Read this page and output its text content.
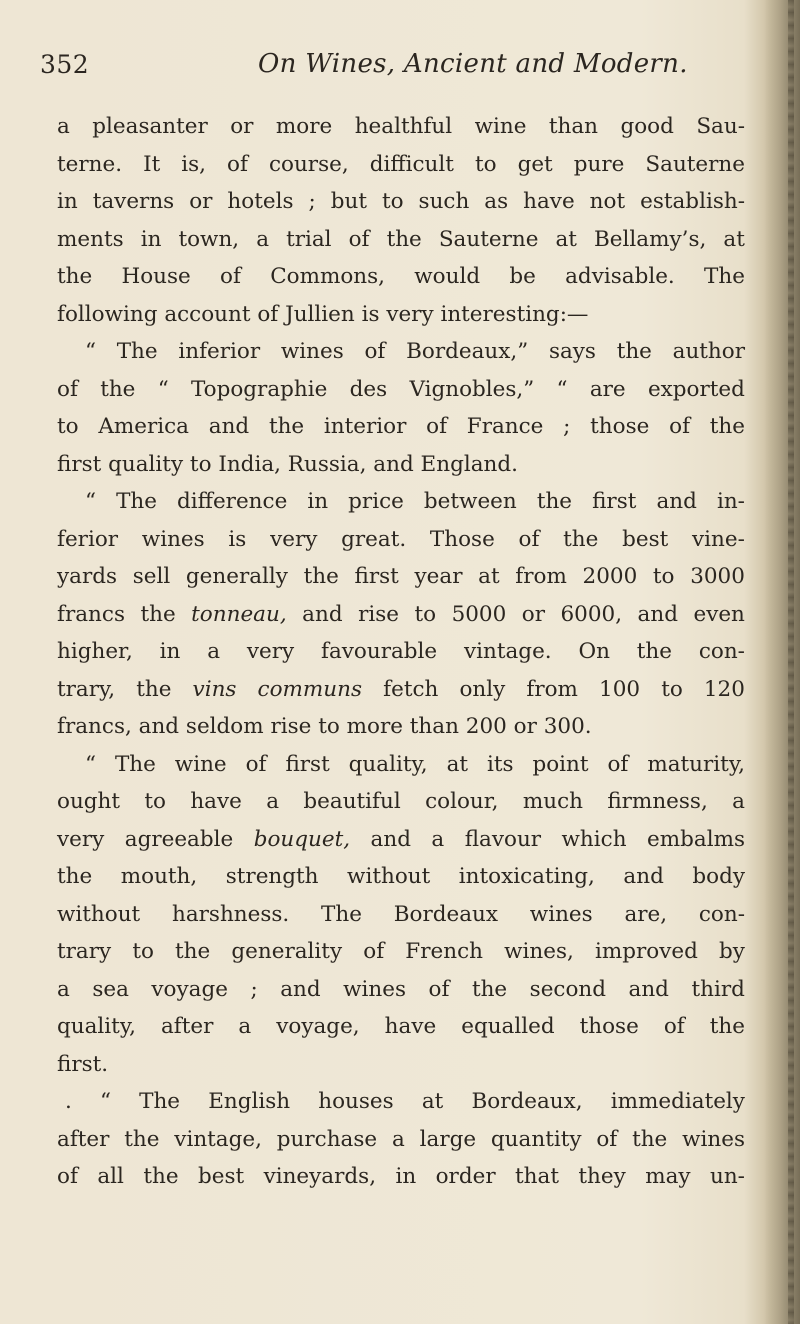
352	On Wines, Ancient and Modern.
a pleasanter or more healthful wine than good Sau-
terne. It is, of course, difficult to get pure Sauterne
in taverns or hotels ; but to such as have not establish-
ments in town, a trial of the Sauterne at Bellamy’s, at
the House of Commons, would be advisable. The
following account of Jullien is very interesting:—
“ The inferior wines of Bordeaux,” says the author
of the “ Topographie des Vignobles,” “ are exported
to America and the interior of France ; those of the
first quality to India, Russia, and England.
“ The difference in price between the first and in-
ferior wines is very great. Those of the best vine-
yards sell generally the first year at from 2000 to 3000
francs the tonneau, and rise to 5000 or 6000, and even
higher, in a very favourable vintage. On the con-
trary, the vins communs fetch only from 100 to 120
francs, and seldom rise to more than 200 or 300.
“ The wine of first quality, at its point of maturity,
ought to have a beautiful colour, much firmness, a
very agreeable bouquet, and a flavour which embalms
the mouth, strength without intoxicating, and body
without harshness. The Bordeaux wines are, con-
trary to the generality of French wines, improved by
a sea voyage ; and wines of the second and third
quality, after a voyage, have equalled those of the
first.
. “ The English houses at Bordeaux, immediately
after the vintage, purchase a large quantity of the wines
of all the best vineyards, in order that they may un-
